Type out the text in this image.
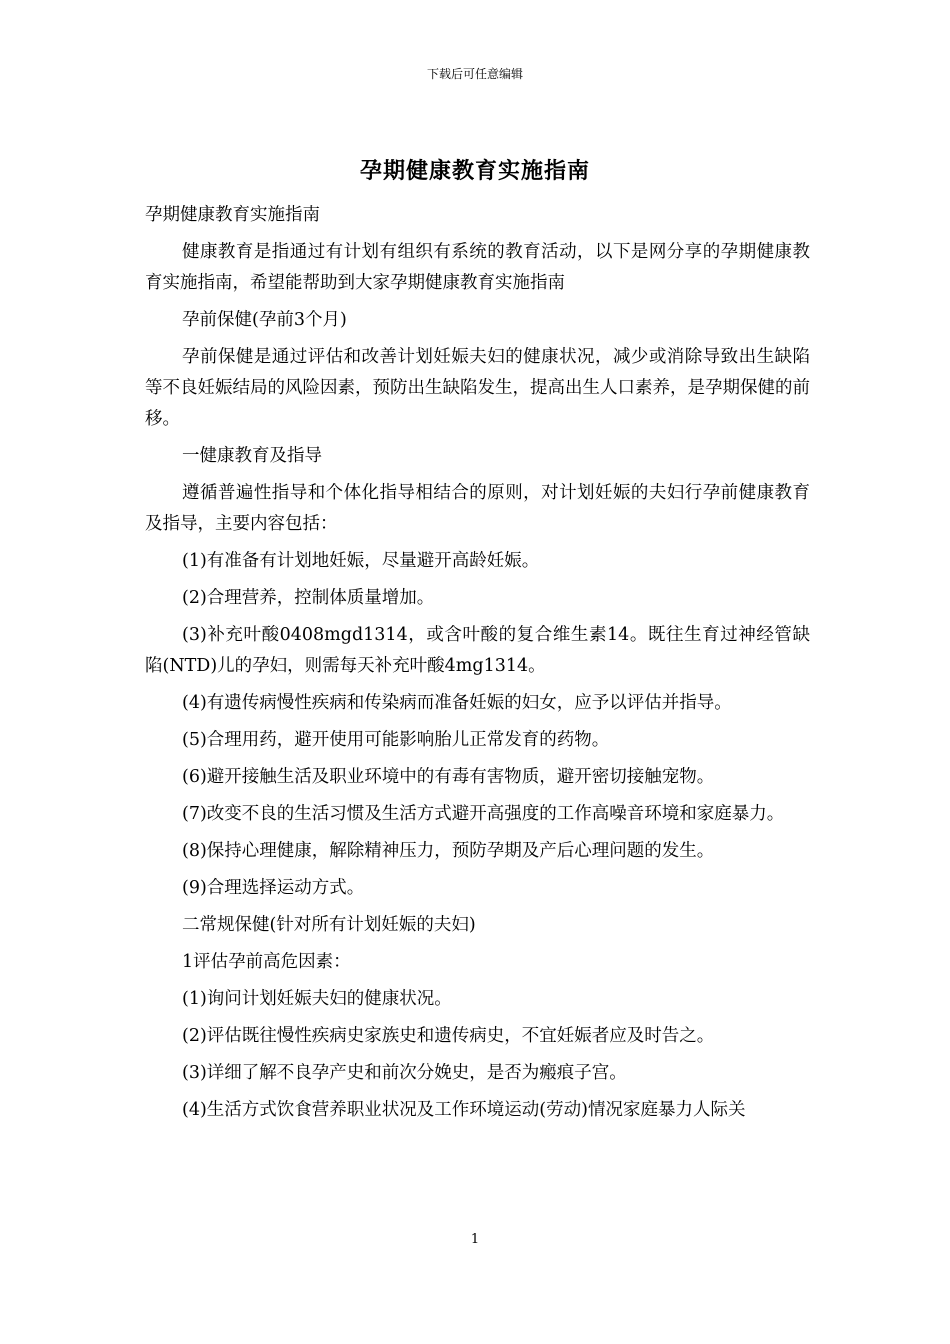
下载后可任意编辑
孕期健康教育实施指南

孕期健康教育实施指南

健康教育是指通过有计划有组织有系统的教育活动，以下是网分享的孕期健康教育实施指南，希望能帮助到大家孕期健康教育实施指南

孕前保健(孕前3个月)

孕前保健是通过评估和改善计划妊娠夫妇的健康状况，减少或消除导致出生缺陷等不良妊娠结局的风险因素，预防出生缺陷发生，提高出生人口素养，是孕期保健的前移。

一健康教育及指导

遵循普遍性指导和个体化指导相结合的原则，对计划妊娠的夫妇行孕前健康教育及指导，主要内容包括：

(1)有准备有计划地妊娠，尽量避开高龄妊娠。

(2)合理营养，控制体质量增加。

(3)补充叶酸0408mgd1314，或含叶酸的复合维生素14。既往生育过神经管缺陷(NTD)儿的孕妇，则需每天补充叶酸4mg1314。

(4)有遗传病慢性疾病和传染病而准备妊娠的妇女，应予以评估并指导。

(5)合理用药，避开使用可能影响胎儿正常发育的药物。

(6)避开接触生活及职业环境中的有毒有害物质，避开密切接触宠物。

(7)改变不良的生活习惯及生活方式避开高强度的工作高噪音环境和家庭暴力。

(8)保持心理健康，解除精神压力，预防孕期及产后心理问题的发生。

(9)合理选择运动方式。

二常规保健(针对所有计划妊娠的夫妇)

1评估孕前高危因素：

(1)询问计划妊娠夫妇的健康状况。

(2)评估既往慢性疾病史家族史和遗传病史，不宜妊娠者应及时告之。

(3)详细了解不良孕产史和前次分娩史，是否为瘢痕子宫。

(4)生活方式饮食营养职业状况及工作环境运动(劳动)情况家庭暴力人际关

1
